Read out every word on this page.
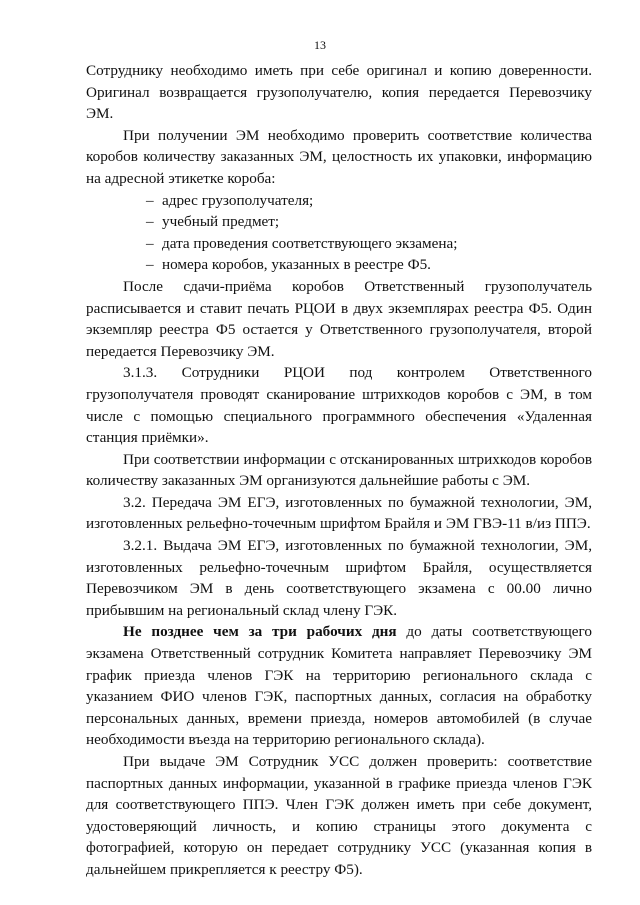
13

Сотруднику необходимо иметь при себе оригинал и копию доверенности. Оригинал возвращается грузополучателю, копия передается Перевозчику ЭМ.

При получении ЭМ необходимо проверить соответствие количества коробов количеству заказанных ЭМ, целостность их упаковки, информацию на адресной этикетке короба:

– адрес грузополучателя;
– учебный предмет;
– дата проведения соответствующего экзамена;
– номера коробов, указанных в реестре Ф5.

После сдачи-приёма коробов Ответственный грузополучатель расписывается и ставит печать РЦОИ в двух экземплярах реестра Ф5. Один экземпляр реестра Ф5 остается у Ответственного грузополучателя, второй передается Перевозчику ЭМ.

3.1.3. Сотрудники РЦОИ под контролем Ответственного грузополучателя проводят сканирование штрихкодов коробов с ЭМ, в том числе с помощью специального программного обеспечения «Удаленная станция приёмки».

При соответствии информации с отсканированных штрихкодов коробов количеству заказанных ЭМ организуются дальнейшие работы с ЭМ.

3.2. Передача ЭМ ЕГЭ, изготовленных по бумажной технологии, ЭМ, изготовленных рельефно-точечным шрифтом Брайля и ЭМ ГВЭ-11 в/из ППЭ.

3.2.1. Выдача ЭМ ЕГЭ, изготовленных по бумажной технологии, ЭМ, изготовленных рельефно-точечным шрифтом Брайля, осуществляется Перевозчиком ЭМ в день соответствующего экзамена с 00.00 лично прибывшим на региональный склад члену ГЭК.

Не позднее чем за три рабочих дня до даты соответствующего экзамена Ответственный сотрудник Комитета направляет Перевозчику ЭМ график приезда членов ГЭК на территорию регионального склада с указанием ФИО членов ГЭК, паспортных данных, согласия на обработку персональных данных, времени приезда, номеров автомобилей (в случае необходимости въезда на территорию регионального склада).

При выдаче ЭМ Сотрудник УСС должен проверить: соответствие паспортных данных информации, указанной в графике приезда членов ГЭК для соответствующего ППЭ. Член ГЭК должен иметь при себе документ, удостоверяющий личность, и копию страницы этого документа с фотографией, которую он передает сотруднику УСС (указанная копия в дальнейшем прикрепляется к реестру Ф5).
